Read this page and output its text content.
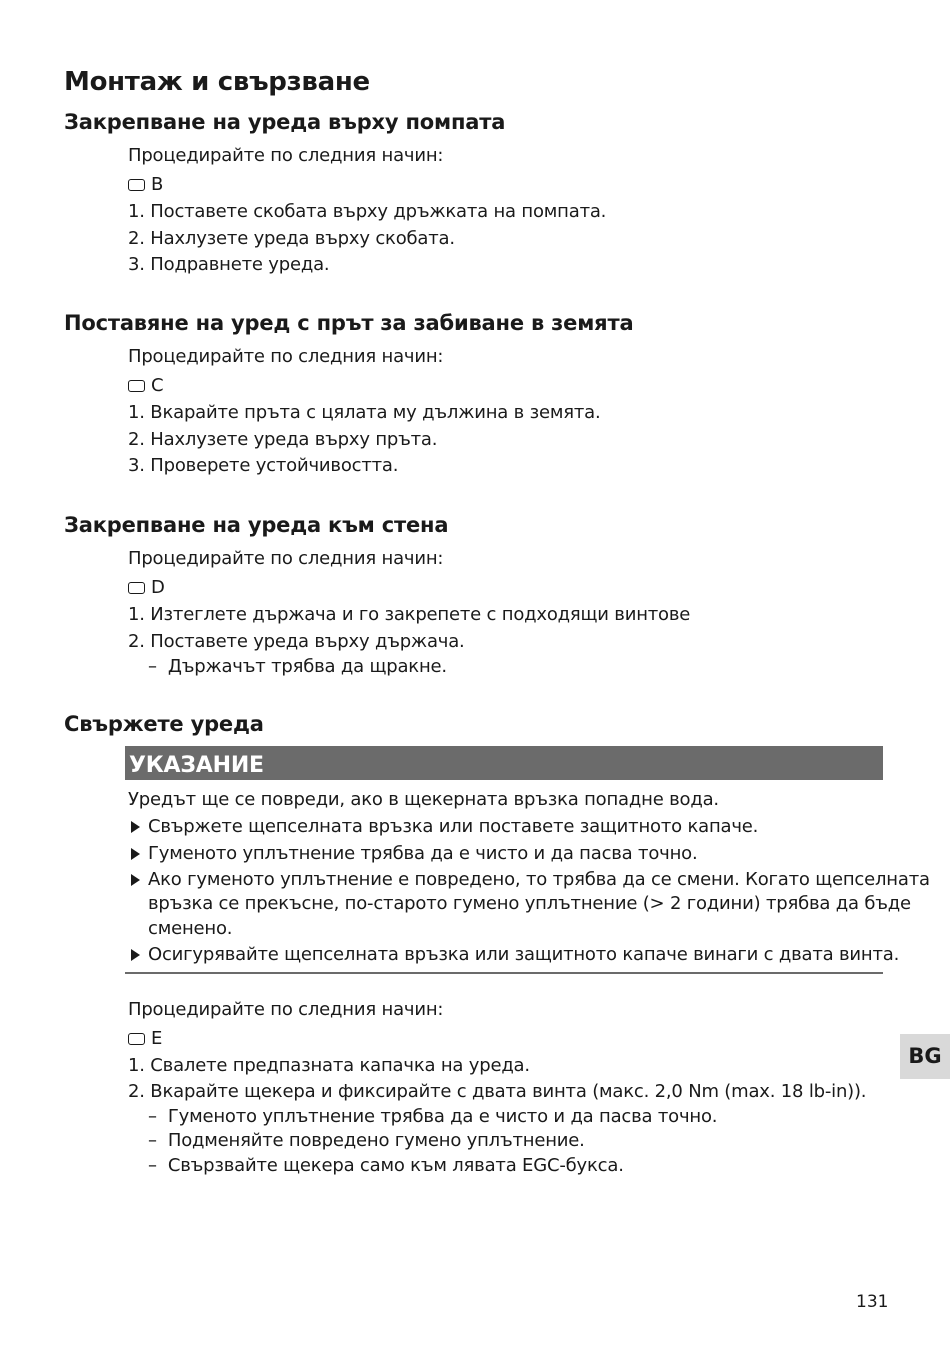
Монтаж и свързване
Закрепване на уреда върху помпата
Процедирайте по следния начин:
B
1. Поставете скобата върху дръжката на помпата.
2. Нахлузете уреда върху скобата.
3. Подравнете уреда.
Поставяне на уред с прът за забиване в земята
Процедирайте по следния начин:
C
1. Вкарайте пръта с цялата му дължина в земята.
2. Нахлузете уреда върху пръта.
3. Проверете устойчивостта.
Закрепване на уреда към стена
Процедирайте по следния начин:
D
1. Изтеглете държача и го закрепете с подходящи винтове
2. Поставете уреда върху държача.
– Държачът трябва да щракне.
Свържете уреда
УКАЗАНИЕ
Уредът ще се повреди, ако в щекерната връзка попадне вода.
Свържете щепселната връзка или поставете защитното капаче.
Гуменото уплътнение трябва да е чисто и да пасва точно.
Ако гуменото уплътнение е повредено, то трябва да се смени. Когато щепселната
връзка се прекъсне, по-старото гумено уплътнение (> 2 години) трябва да бъде
сменено.
Осигурявайте щепселната връзка или защитното капаче винаги с двата винта.
Процедирайте по следния начин:
E
1. Свалете предпазната капачка на уреда.
2. Вкарайте щекера и фиксирайте с двата винта (макс. 2,0 Nm (max. 18 lb-in)).
– Гуменото уплътнение трябва да е чисто и да пасва точно.
– Подменяйте повредено гумено уплътнение.
– Свързвайте щекера само към лявата EGC-букса.
BG
131
